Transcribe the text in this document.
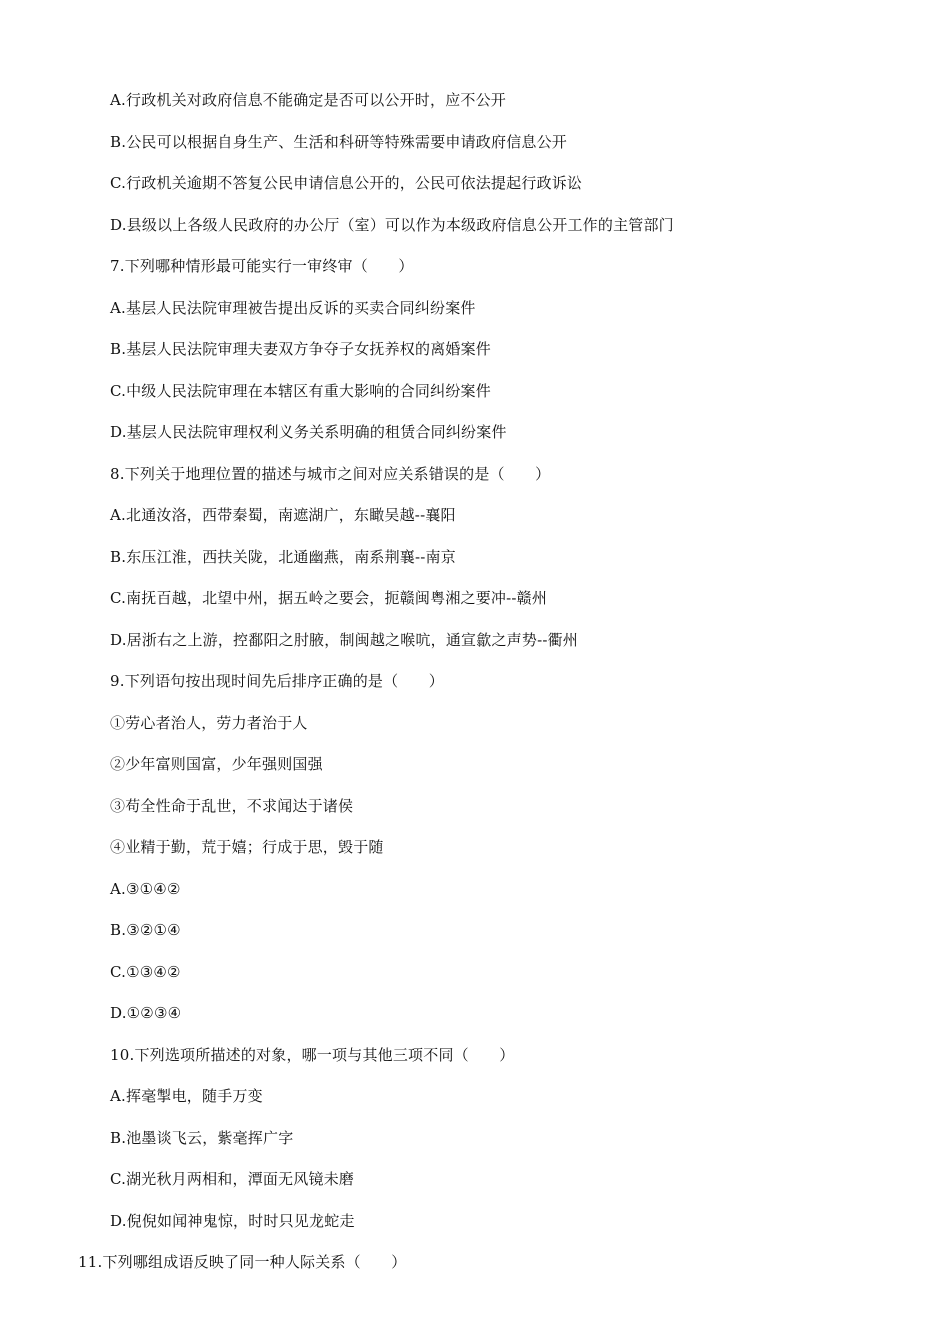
A.行政机关对政府信息不能确定是否可以公开时，应不公开
B.公民可以根据自身生产、生活和科研等特殊需要申请政府信息公开
C.行政机关逾期不答复公民申请信息公开的，公民可依法提起行政诉讼
D.县级以上各级人民政府的办公厅（室）可以作为本级政府信息公开工作的主管部门
7.下列哪种情形最可能实行一审终审（　　）
A.基层人民法院审理被告提出反诉的买卖合同纠纷案件
B.基层人民法院审理夫妻双方争夺子女抚养权的离婚案件
C.中级人民法院审理在本辖区有重大影响的合同纠纷案件
D.基层人民法院审理权利义务关系明确的租赁合同纠纷案件
8.下列关于地理位置的描述与城市之间对应关系错误的是（　　）
A.北通汝洛，西带秦蜀，南遮湖广，东瞰吴越--襄阳
B.东压江淮，西扶关陇，北通幽燕，南系荆襄--南京
C.南抚百越，北望中州，据五岭之要会，扼赣闽粤湘之要冲--赣州
D.居浙右之上游，控鄱阳之肘腋，制闽越之喉吭，通宣歙之声势--衢州
9.下列语句按出现时间先后排序正确的是（　　）
①劳心者治人，劳力者治于人
②少年富则国富，少年强则国强
③苟全性命于乱世，不求闻达于诸侯
④业精于勤，荒于嬉；行成于思，毁于随
A.③①④②
B.③②①④
C.①③④②
D.①②③④
10.下列选项所描述的对象，哪一项与其他三项不同（　　）
A.挥毫掣电，随手万变
B.池墨谈飞云，紫毫挥广字
C.湖光秋月两相和，潭面无风镜未磨
D.倪倪如闻神鬼惊，时时只见龙蛇走
11.下列哪组成语反映了同一种人际关系（　　）
